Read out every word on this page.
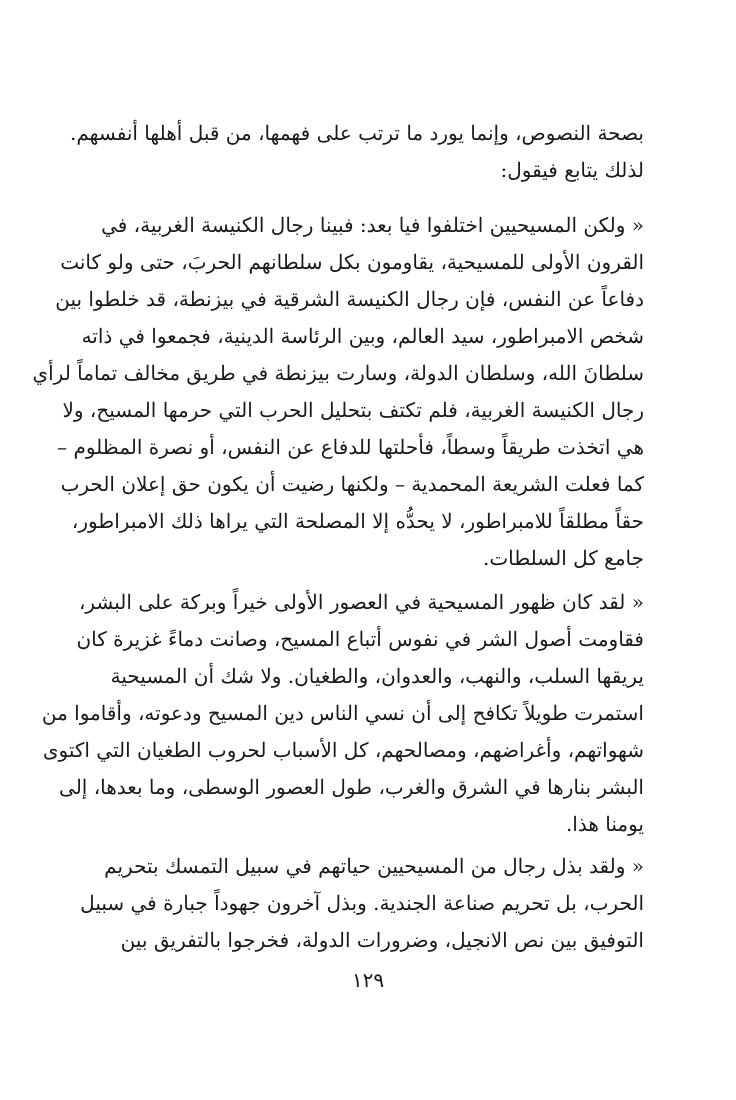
بصحة النصوص، وإنما يورد ما ترتب على فهمها، من قبل أهلها أنفسهم.
لذلك يتابع فيقول:
« ولكن المسيحيين اختلفوا فيا بعد: فبينا رجال الكنيسة الغربية، في
القرون الأولى للمسيحية، يقاومون بكل سلطانهم الحربَ، حتى ولو كانت
دفاعاً عن النفس، فإن رجال الكنيسة الشرقية في بيزنطة، قد خلطوا بين
شخص الامبراطور، سيد العالم، وبين الرئاسة الدينية، فجمعوا في ذاته
سلطانَ الله، وسلطان الدولة، وسارت بيزنطة في طريق مخالف تماماً لرأي
رجال الكنيسة الغربية، فلم تكتف بتحليل الحرب التي حرمها المسيح، ولا
هي اتخذت طريقاً وسطاً، فأحلتها للدفاع عن النفس، أو نصرة المظلوم –
كما فعلت الشريعة المحمدية – ولكنها رضيت أن يكون حق إعلان الحرب
حقاً مطلقاً للامبراطور، لا يحدُّه إلا المصلحة التي يراها ذلك الامبراطور،
جامع كل السلطات.
« لقد كان ظهور المسيحية في العصور الأولى خيراً وبركة على البشر،
فقاومت أصول الشر في نفوس أتباع المسيح، وصانت دماءً غزيرة كان
يريقها السلب، والنهب، والعدوان، والطغيان. ولا شك أن المسيحية
استمرت طويلاً تكافح إلى أن نسي الناس دين المسيح ودعوته، وأقاموا من
شهواتهم، وأغراضهم، ومصالحهم، كل الأسباب لحروب الطغيان التي اكتوى
البشر بنارها في الشرق والغرب، طول العصور الوسطى، وما بعدها، إلى
يومنا هذا.
« ولقد بذل رجال من المسيحيين حياتهم في سبيل التمسك بتحريم
الحرب، بل تحريم صناعة الجندية. وبذل آخرون جهوداً جبارة في سبيل
التوفيق بين نص الانجيل، وضرورات الدولة، فخرجوا بالتفريق بين
١٢٩
